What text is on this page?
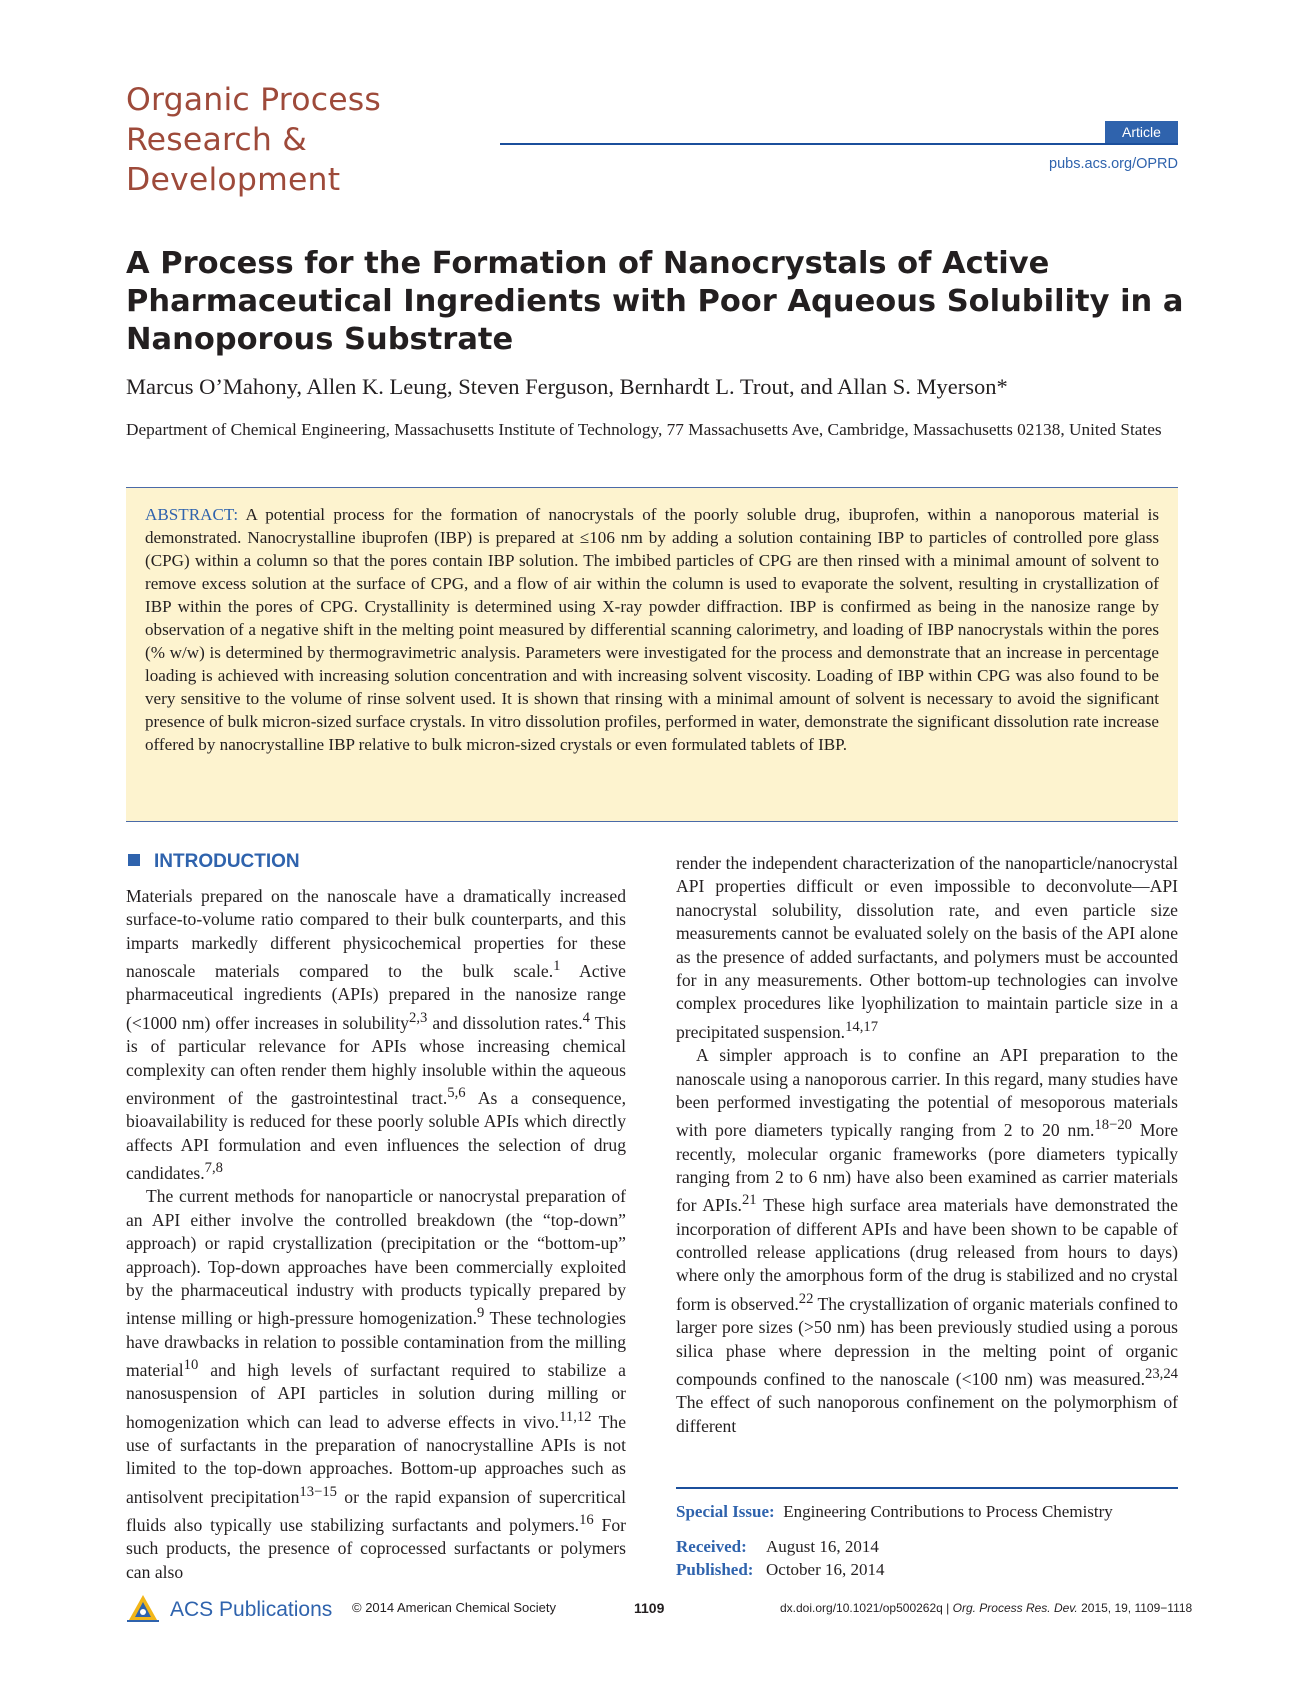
Organic Process
Research &
Development
Article
pubs.acs.org/OPRD
A Process for the Formation of Nanocrystals of Active
Pharmaceutical Ingredients with Poor Aqueous Solubility in a
Nanoporous Substrate
Marcus O’Mahony, Allen K. Leung, Steven Ferguson, Bernhardt L. Trout, and Allan S. Myerson*
Department of Chemical Engineering, Massachusetts Institute of Technology, 77 Massachusetts Ave, Cambridge, Massachusetts 02138, United States
ABSTRACT: A potential process for the formation of nanocrystals of the poorly soluble drug, ibuprofen, within a nanoporous material is demonstrated. Nanocrystalline ibuprofen (IBP) is prepared at ≤106 nm by adding a solution containing IBP to particles of controlled pore glass (CPG) within a column so that the pores contain IBP solution. The imbibed particles of CPG are then rinsed with a minimal amount of solvent to remove excess solution at the surface of CPG, and a flow of air within the column is used to evaporate the solvent, resulting in crystallization of IBP within the pores of CPG. Crystallinity is determined using X-ray powder diffraction. IBP is confirmed as being in the nanosize range by observation of a negative shift in the melting point measured by differential scanning calorimetry, and loading of IBP nanocrystals within the pores (% w/w) is determined by thermogravimetric analysis. Parameters were investigated for the process and demonstrate that an increase in percentage loading is achieved with increasing solution concentration and with increasing solvent viscosity. Loading of IBP within CPG was also found to be very sensitive to the volume of rinse solvent used. It is shown that rinsing with a minimal amount of solvent is necessary to avoid the significant presence of bulk micron-sized surface crystals. In vitro dissolution profiles, performed in water, demonstrate the significant dissolution rate increase offered by nanocrystalline IBP relative to bulk micron-sized crystals or even formulated tablets of IBP.
INTRODUCTION

Materials prepared on the nanoscale have a dramatically increased surface-to-volume ratio compared to their bulk counterparts, and this imparts markedly different physicochemical properties for these nanoscale materials compared to the bulk scale.$^1$ Active pharmaceutical ingredients (APIs) prepared in the nanosize range (<1000 nm) offer increases in solubility$^{2,3}$ and dissolution rates.$^4$ This is of particular relevance for APIs whose increasing chemical complexity can often render them highly insoluble within the aqueous environment of the gastrointestinal tract.$^{5,6}$ As a consequence, bioavailability is reduced for these poorly soluble APIs which directly affects API formulation and even influences the selection of drug candidates.$^{7,8}$

The current methods for nanoparticle or nanocrystal preparation of an API either involve the controlled breakdown (the “top-down” approach) or rapid crystallization (precipitation or the “bottom-up” approach). Top-down approaches have been commercially exploited by the pharmaceutical industry with products typically prepared by intense milling or high-pressure homogenization.$^9$ These technologies have drawbacks in relation to possible contamination from the milling material$^{10}$ and high levels of surfactant required to stabilize a nanosuspension of API particles in solution during milling or homogenization which can lead to adverse effects in vivo.$^{11,12}$ The use of surfactants in the preparation of nanocrystalline APIs is not limited to the top-down approaches. Bottom-up approaches such as antisolvent precipitation$^{13-15}$ or the rapid expansion of supercritical fluids also typically use stabilizing surfactants and polymers.$^{16}$ For such products, the presence of coprocessed surfactants or polymers can also

render the independent characterization of the nanoparticle/nanocrystal API properties difficult or even impossible to deconvolute—API nanocrystal solubility, dissolution rate, and even particle size measurements cannot be evaluated solely on the basis of the API alone as the presence of added surfactants, and polymers must be accounted for in any measurements. Other bottom-up technologies can involve complex procedures like lyophilization to maintain particle size in a precipitated suspension.$^{14,17}$

A simpler approach is to confine an API preparation to the nanoscale using a nanoporous carrier. In this regard, many studies have been performed investigating the potential of mesoporous materials with pore diameters typically ranging from 2 to 20 nm.$^{18-20}$ More recently, molecular organic frameworks (pore diameters typically ranging from 2 to 6 nm) have also been examined as carrier materials for APIs.$^{21}$ These high surface area materials have demonstrated the incorporation of different APIs and have been shown to be capable of controlled release applications (drug released from hours to days) where only the amorphous form of the drug is stabilized and no crystal form is observed.$^{22}$ The crystallization of organic materials confined to larger pore sizes (>50 nm) has been previously studied using a porous silica phase where depression in the melting point of organic compounds confined to the nanoscale (<100 nm) was measured.$^{23,24}$ The effect of such nanoporous confinement on the polymorphism of different

Special Issue: Engineering Contributions to Process Chemistry
Received: August 16, 2014
Published: October 16, 2014
ACS Publications © 2014 American Chemical Society	1109	dx.doi.org/10.1021/op500262q | Org. Process Res. Dev. 2015, 19, 1109−1118
